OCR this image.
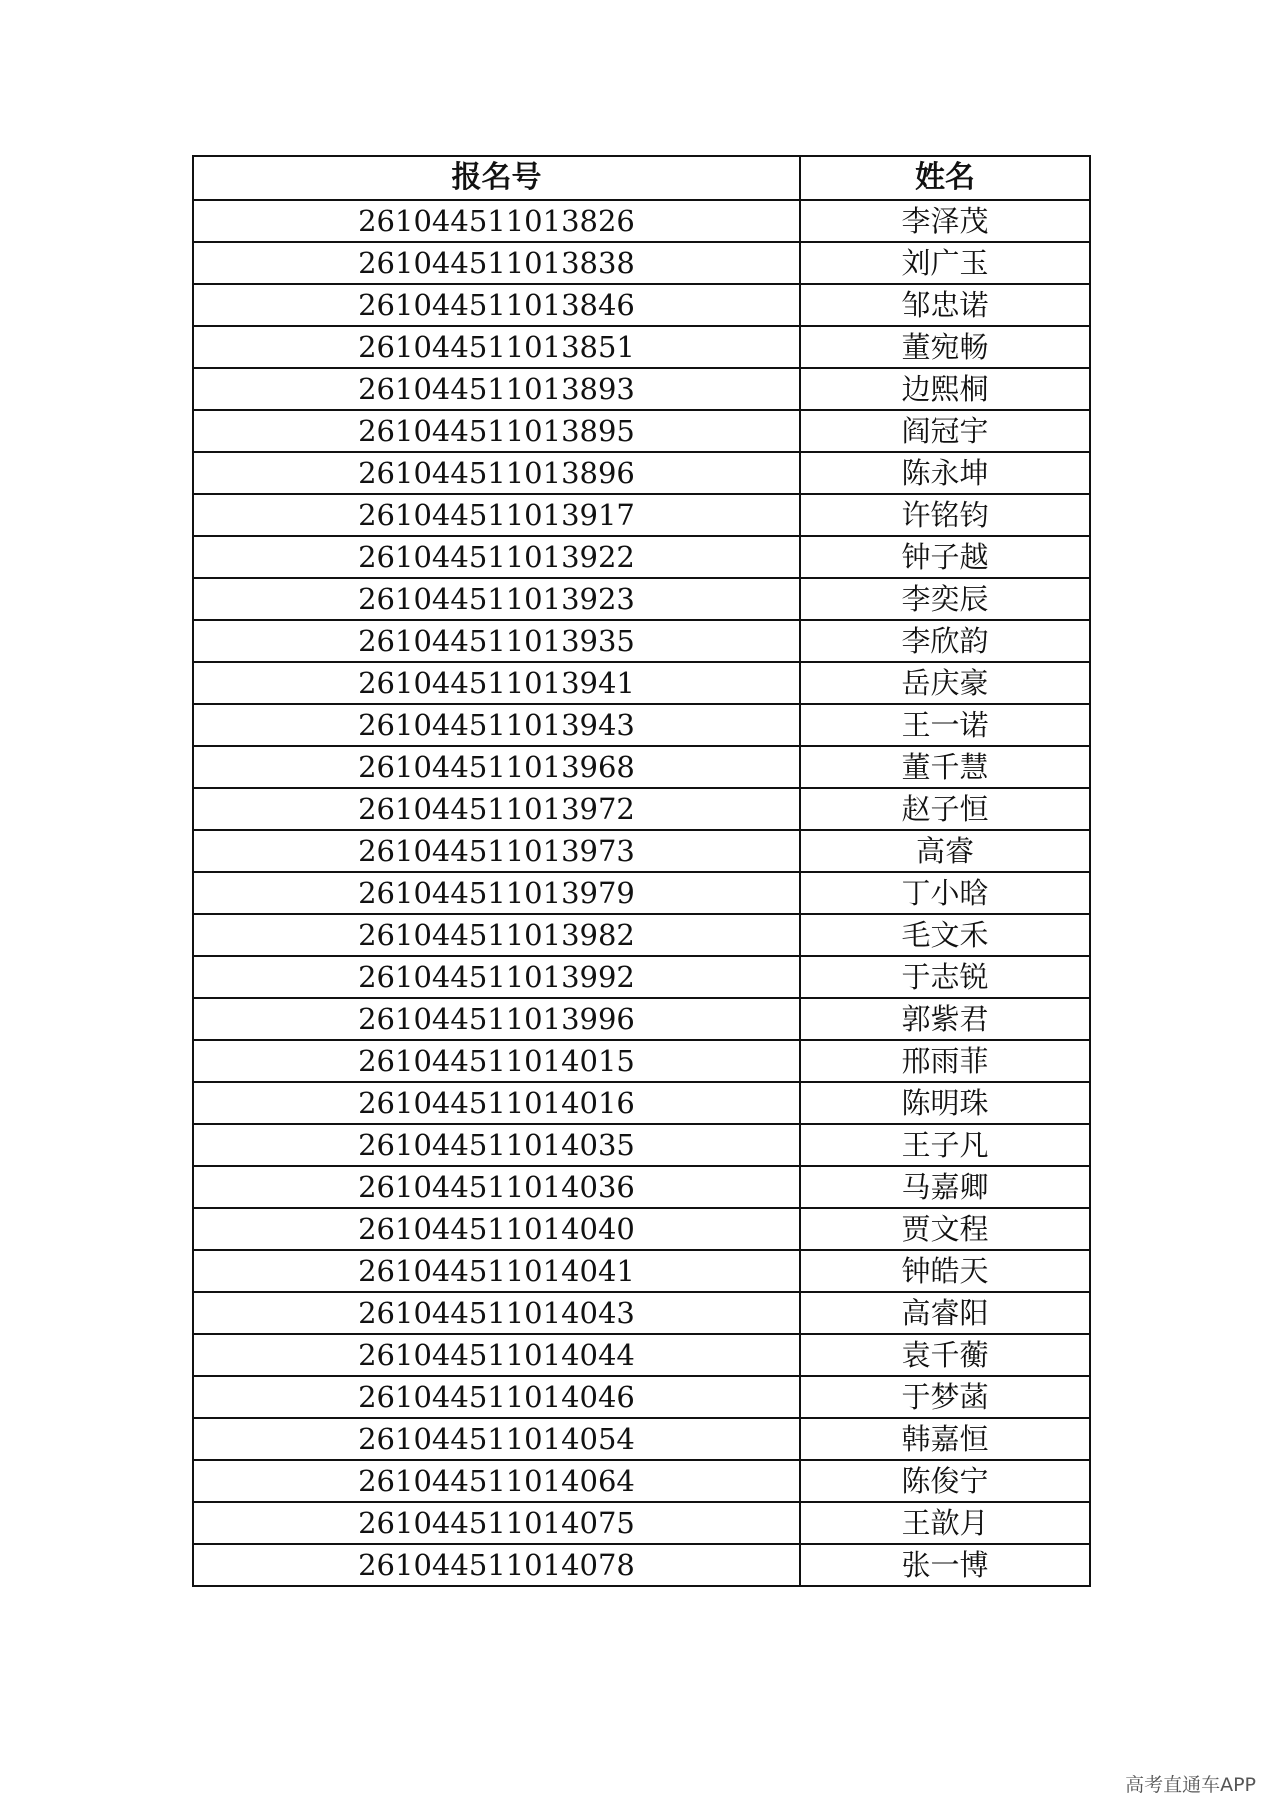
报名号	姓名
261044511013826	李泽茂
261044511013838	刘广玉
261044511013846	邹忠诺
261044511013851	董宛畅
261044511013893	边熙桐
261044511013895	阎冠宇
261044511013896	陈永坤
261044511013917	许铭钧
261044511013922	钟子越
261044511013923	李奕辰
261044511013935	李欣韵
261044511013941	岳庆豪
261044511013943	王一诺
261044511013968	董千慧
261044511013972	赵子恒
261044511013973	高睿
261044511013979	丁小晗
261044511013982	毛文禾
261044511013992	于志锐
261044511013996	郭紫君
261044511014015	邢雨菲
261044511014016	陈明珠
261044511014035	王子凡
261044511014036	马嘉卿
261044511014040	贾文程
261044511014041	钟皓天
261044511014043	高睿阳
261044511014044	袁千蘅
261044511014046	于梦菡
261044511014054	韩嘉恒
261044511014064	陈俊宁
261044511014075	王歆月
261044511014078	张一博
高考直通车APP
